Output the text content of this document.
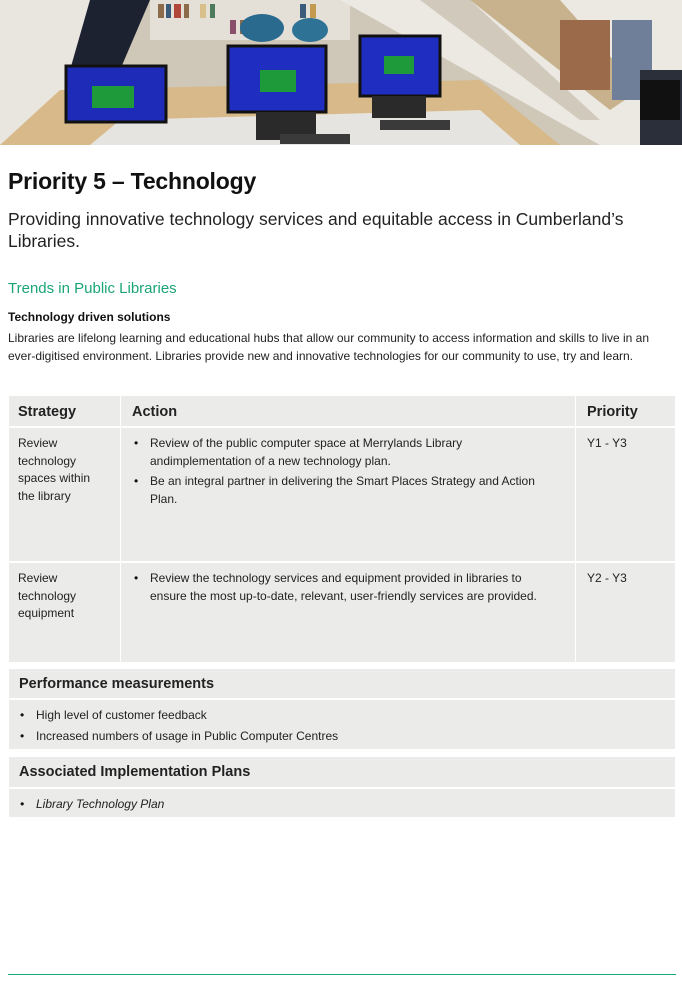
Priority 5 – Technology
Providing innovative technology services and equitable access in Cumberland’s Libraries.
Trends in Public Libraries
Technology driven solutions
Libraries are lifelong learning and educational hubs that allow our community to access information and skills to live in an ever-digitised environment. Libraries provide new and innovative technologies for our community to use, try and learn.
Strategy	Action	Priority
Review technology spaces within the library
• Review of the public computer space at Merrylands Library andimplementation of a new technology plan.
• Be an integral partner in delivering the Smart Places Strategy and Action Plan.
Y1 - Y3
Review technology equipment
• Review the technology services and equipment provided in libraries to ensure the most up-to-date, relevant, user-friendly services are provided.
Y2 - Y3
Performance measurements
• High level of customer feedback
• Increased numbers of usage in Public Computer Centres
Associated Implementation Plans
• Library Technology Plan
